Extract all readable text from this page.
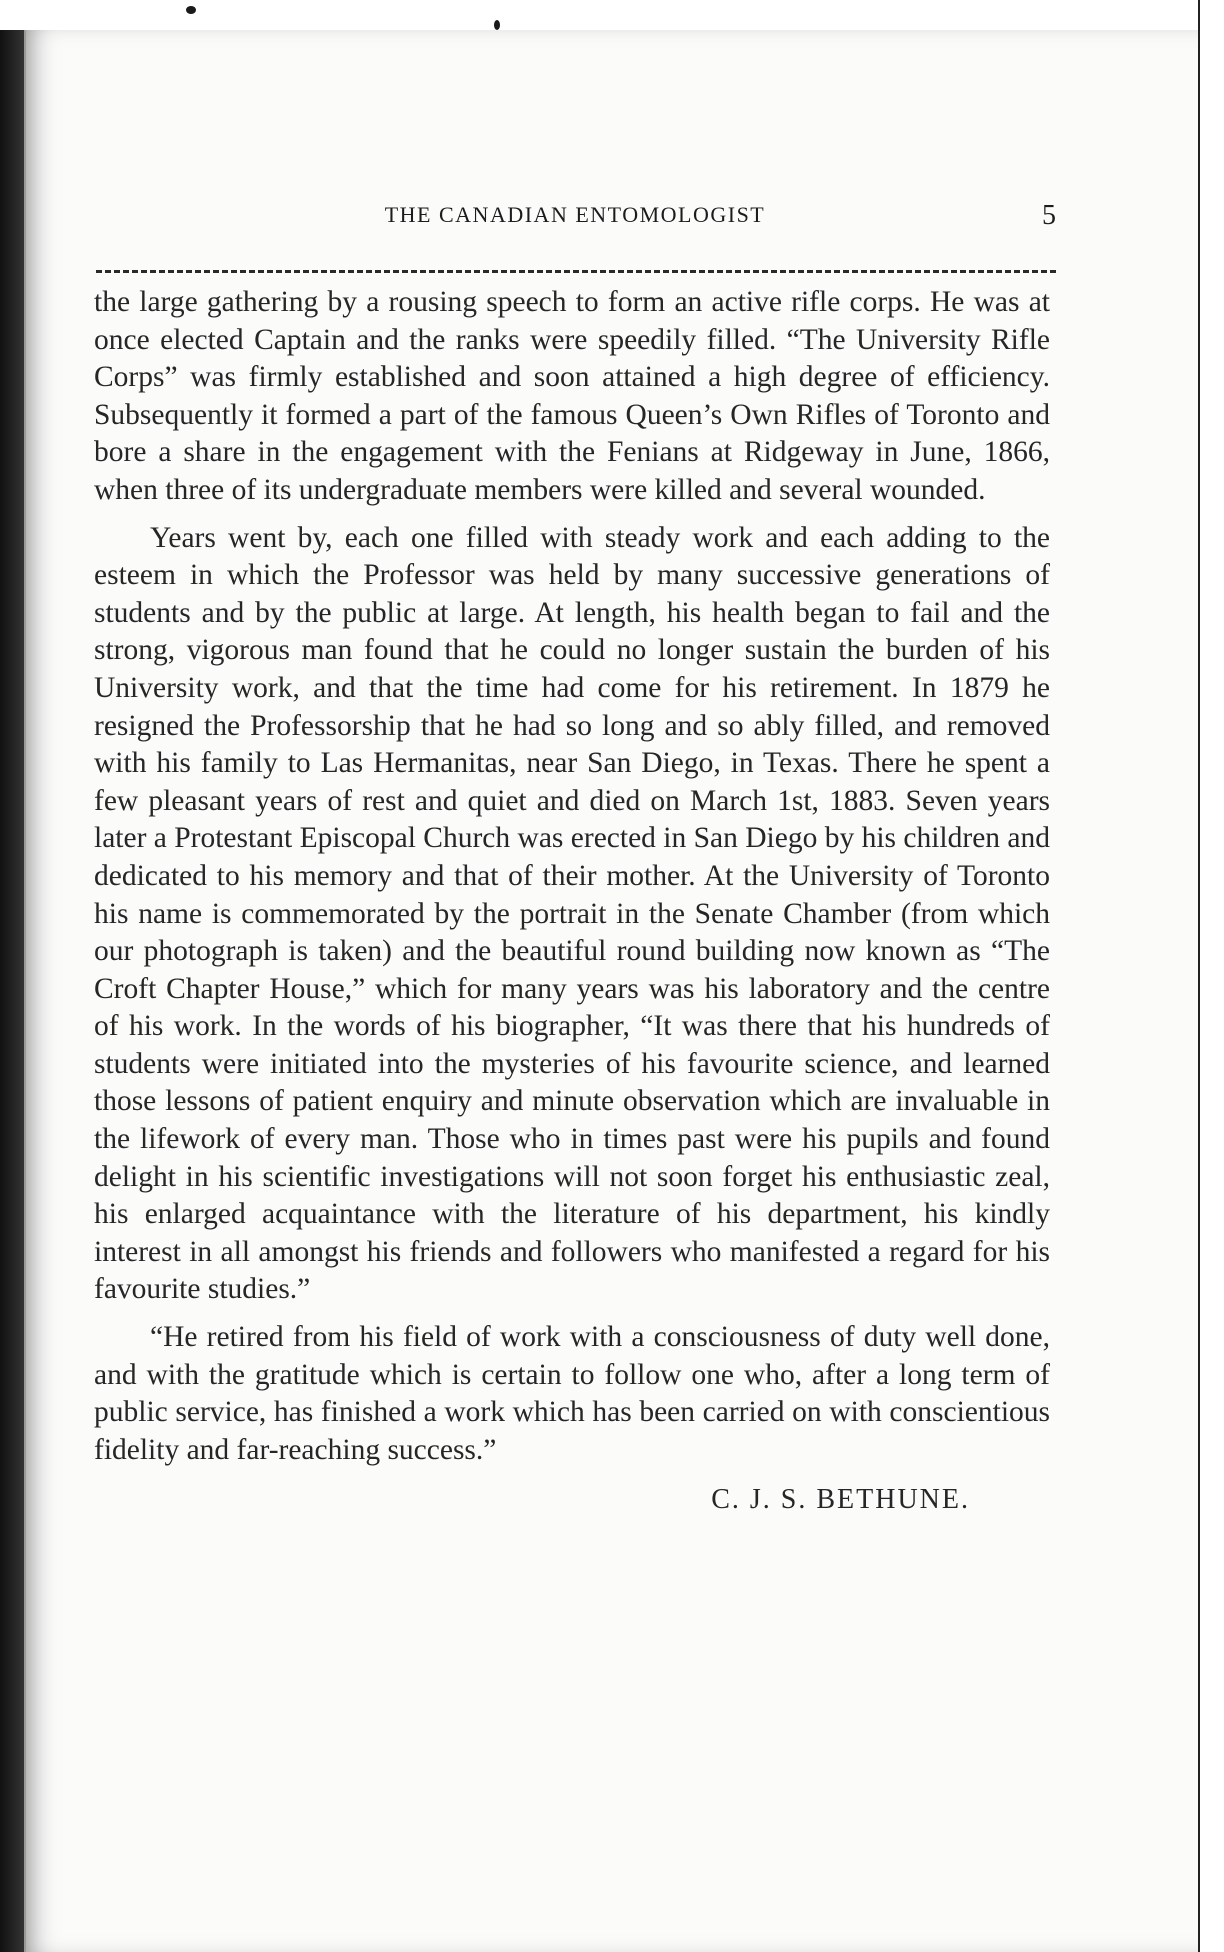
THE CANADIAN ENTOMOLOGIST	5

the large gathering by a rousing speech to form an active rifle corps. He was at once elected Captain and the ranks were speedily filled. “The University Rifle Corps” was firmly established and soon attained a high degree of efficiency. Subsequently it formed a part of the famous Queen’s Own Rifles of Toronto and bore a share in the engagement with the Fenians at Ridgeway in June, 1866, when three of its undergraduate members were killed and several wounded.

Years went by, each one filled with steady work and each adding to the esteem in which the Professor was held by many successive generations of students and by the public at large. At length, his health began to fail and the strong, vigorous man found that he could no longer sustain the burden of his University work, and that the time had come for his retirement. In 1879 he resigned the Professorship that he had so long and so ably filled, and removed with his family to Las Hermanitas, near San Diego, in Texas. There he spent a few pleasant years of rest and quiet and died on March 1st, 1883. Seven years later a Protestant Episcopal Church was erected in San Diego by his children and dedicated to his memory and that of their mother. At the University of Toronto his name is commemorated by the portrait in the Senate Chamber (from which our photograph is taken) and the beautiful round building now known as “The Croft Chapter House,” which for many years was his laboratory and the centre of his work. In the words of his biographer, “It was there that his hundreds of students were initiated into the mysteries of his favourite science, and learned those lessons of patient enquiry and minute observation which are invaluable in the lifework of every man. Those who in times past were his pupils and found delight in his scientific investigations will not soon forget his enthusiastic zeal, his enlarged acquaintance with the literature of his department, his kindly interest in all amongst his friends and followers who manifested a regard for his favourite studies.”

“He retired from his field of work with a consciousness of duty well done, and with the gratitude which is certain to follow one who, after a long term of public service, has finished a work which has been carried on with conscientious fidelity and far-reaching success.”

C. J. S. BETHUNE.
